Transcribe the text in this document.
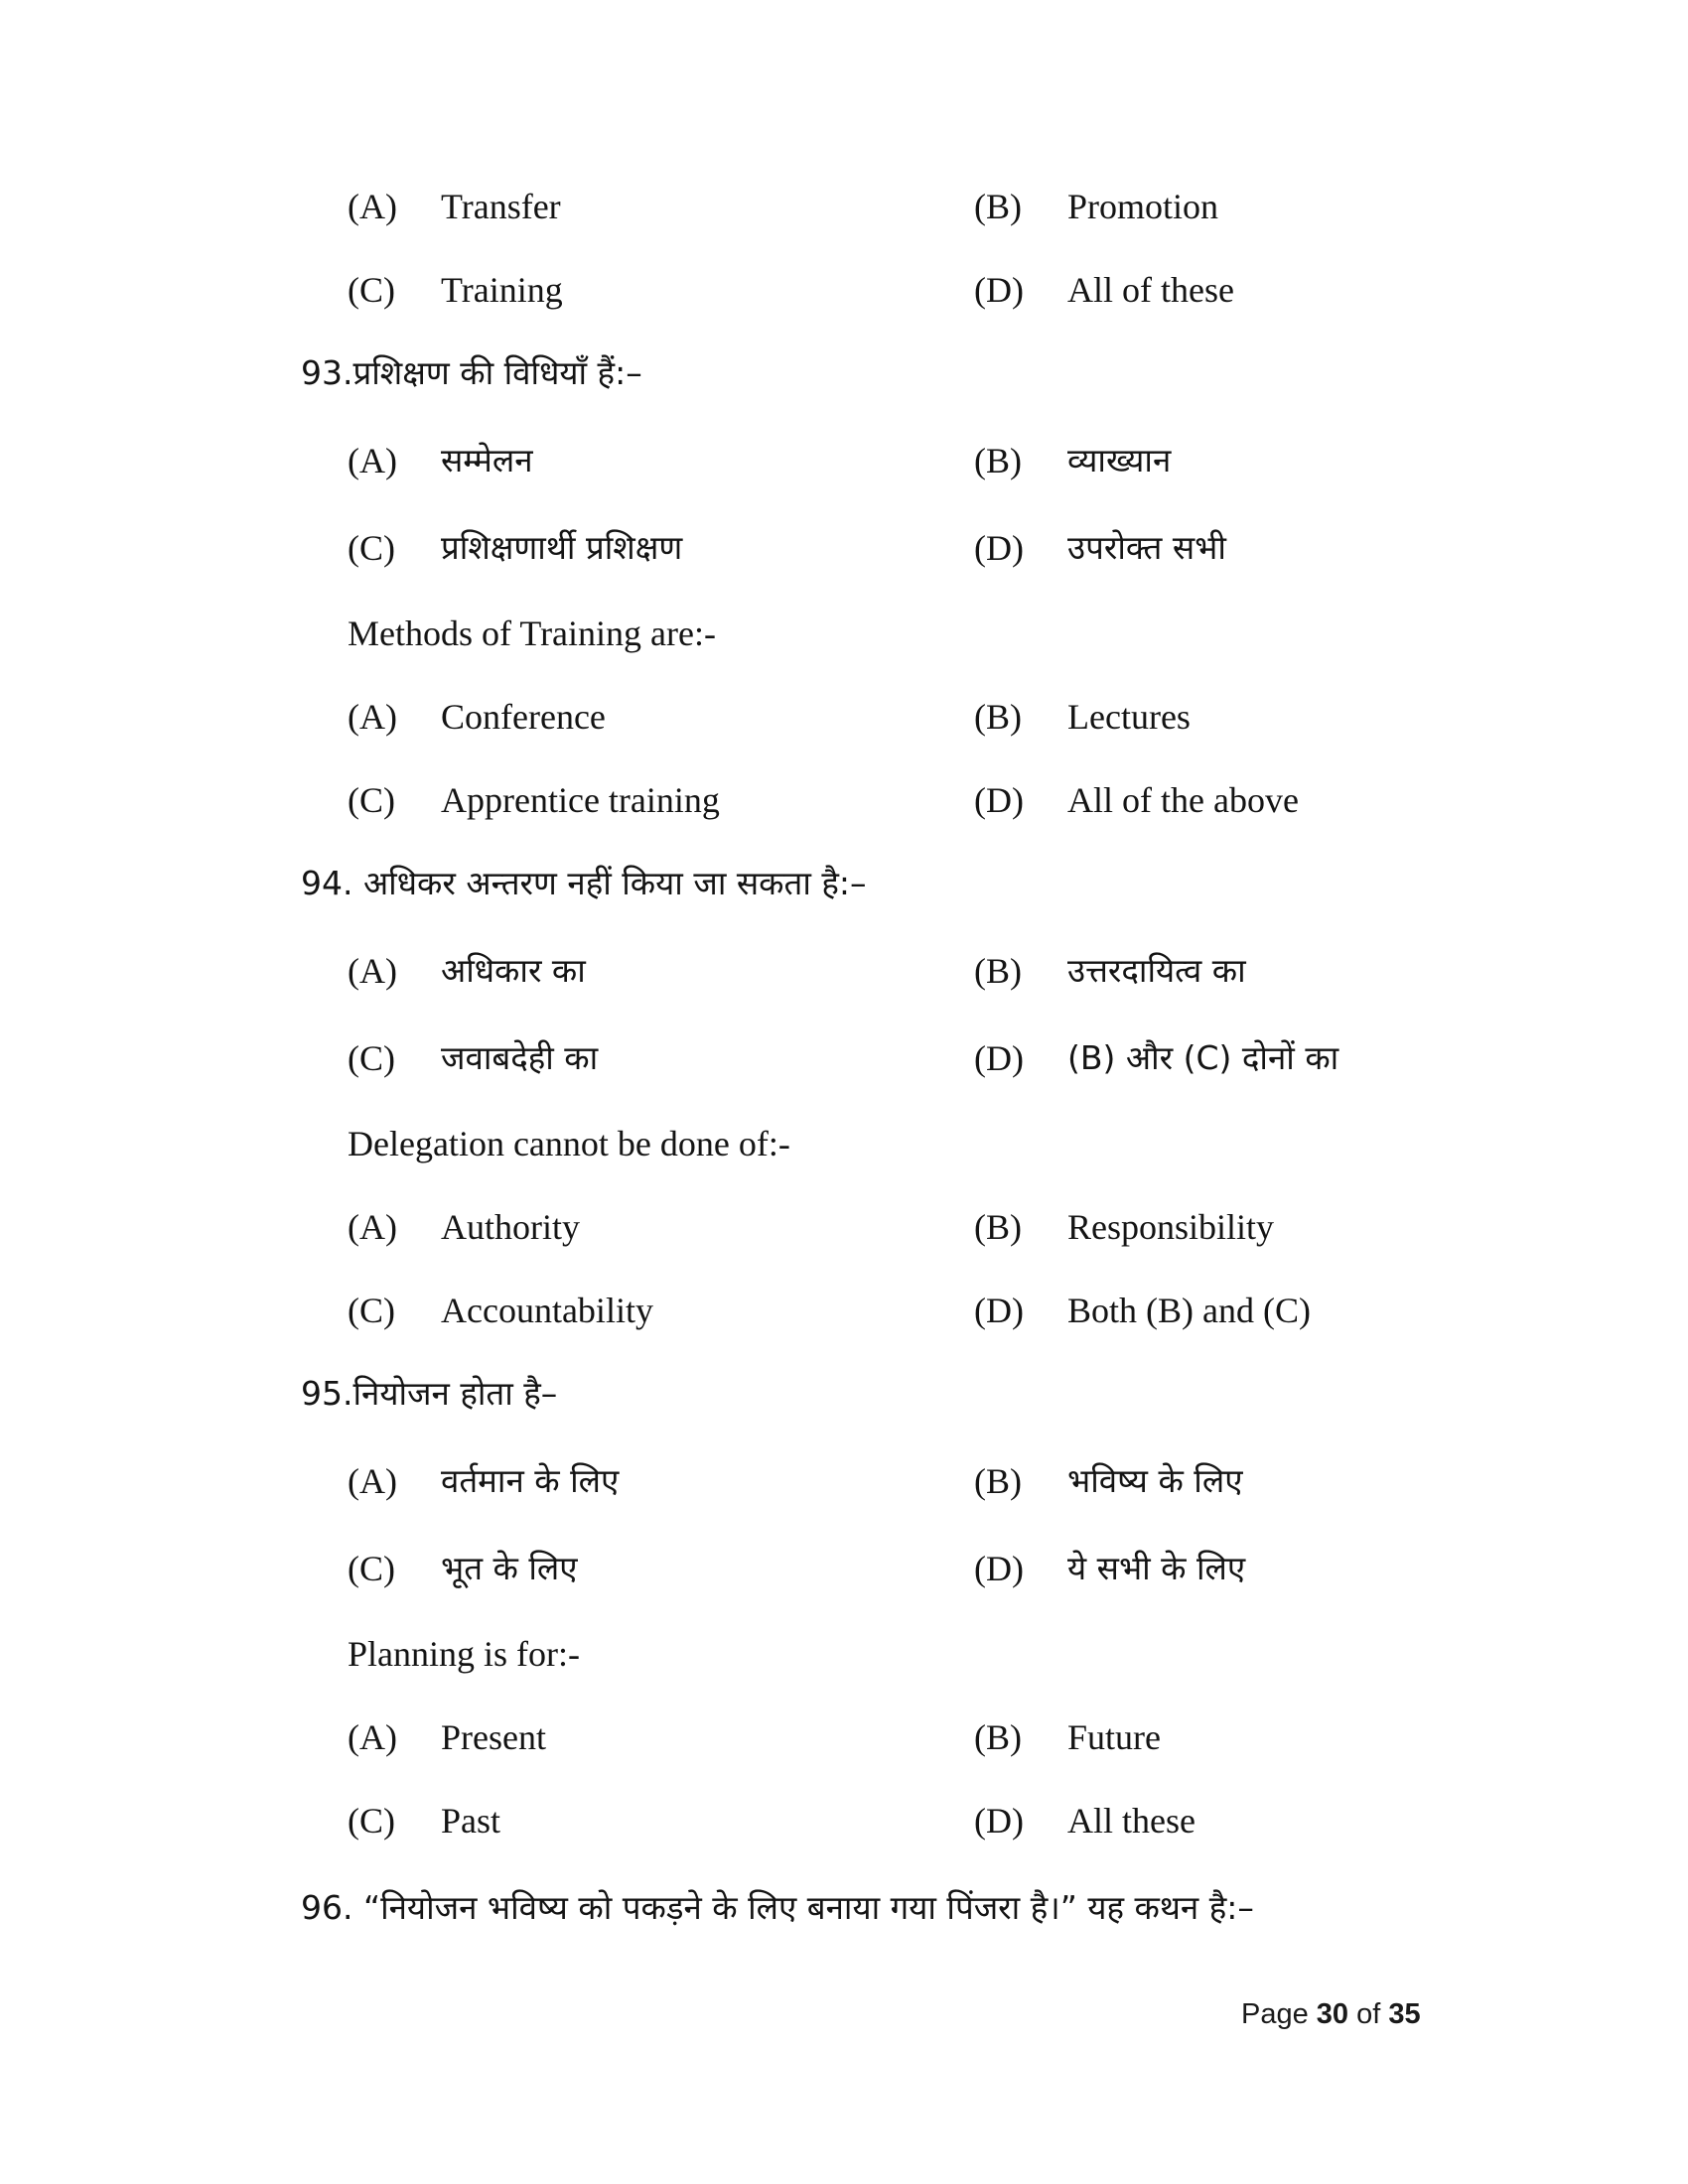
(A) Transfer	(B) Promotion
(C) Training	(D) All of these
93.प्रशिक्षण की विधियाँ हैं:–
(A) सम्मेलन	(B) व्याख्यान
(C) प्रशिक्षणार्थी प्रशिक्षण	(D) उपरोक्त सभी
Methods of Training are:-
(A) Conference	(B) Lectures
(C) Apprentice training	(D) All of the above
94. अधिकर अन्तरण नहीं किया जा सकता है:–
(A) अधिकार का	(B) उत्तरदायित्व का
(C) जवाबदेही का	(D) (B) और (C) दोनों का
Delegation cannot be done of:-
(A) Authority	(B) Responsibility
(C) Accountability	(D) Both (B) and (C)
95.नियोजन होता है–
(A) वर्तमान के लिए	(B) भविष्य के लिए
(C) भूत के लिए	(D) ये सभी के लिए
Planning is for:-
(A) Present	(B) Future
(C) Past	(D) All these
96. “नियोजन भविष्य को पकड़ने के लिए बनाया गया पिंजरा है।” यह कथन है:–
Page 30 of 35
